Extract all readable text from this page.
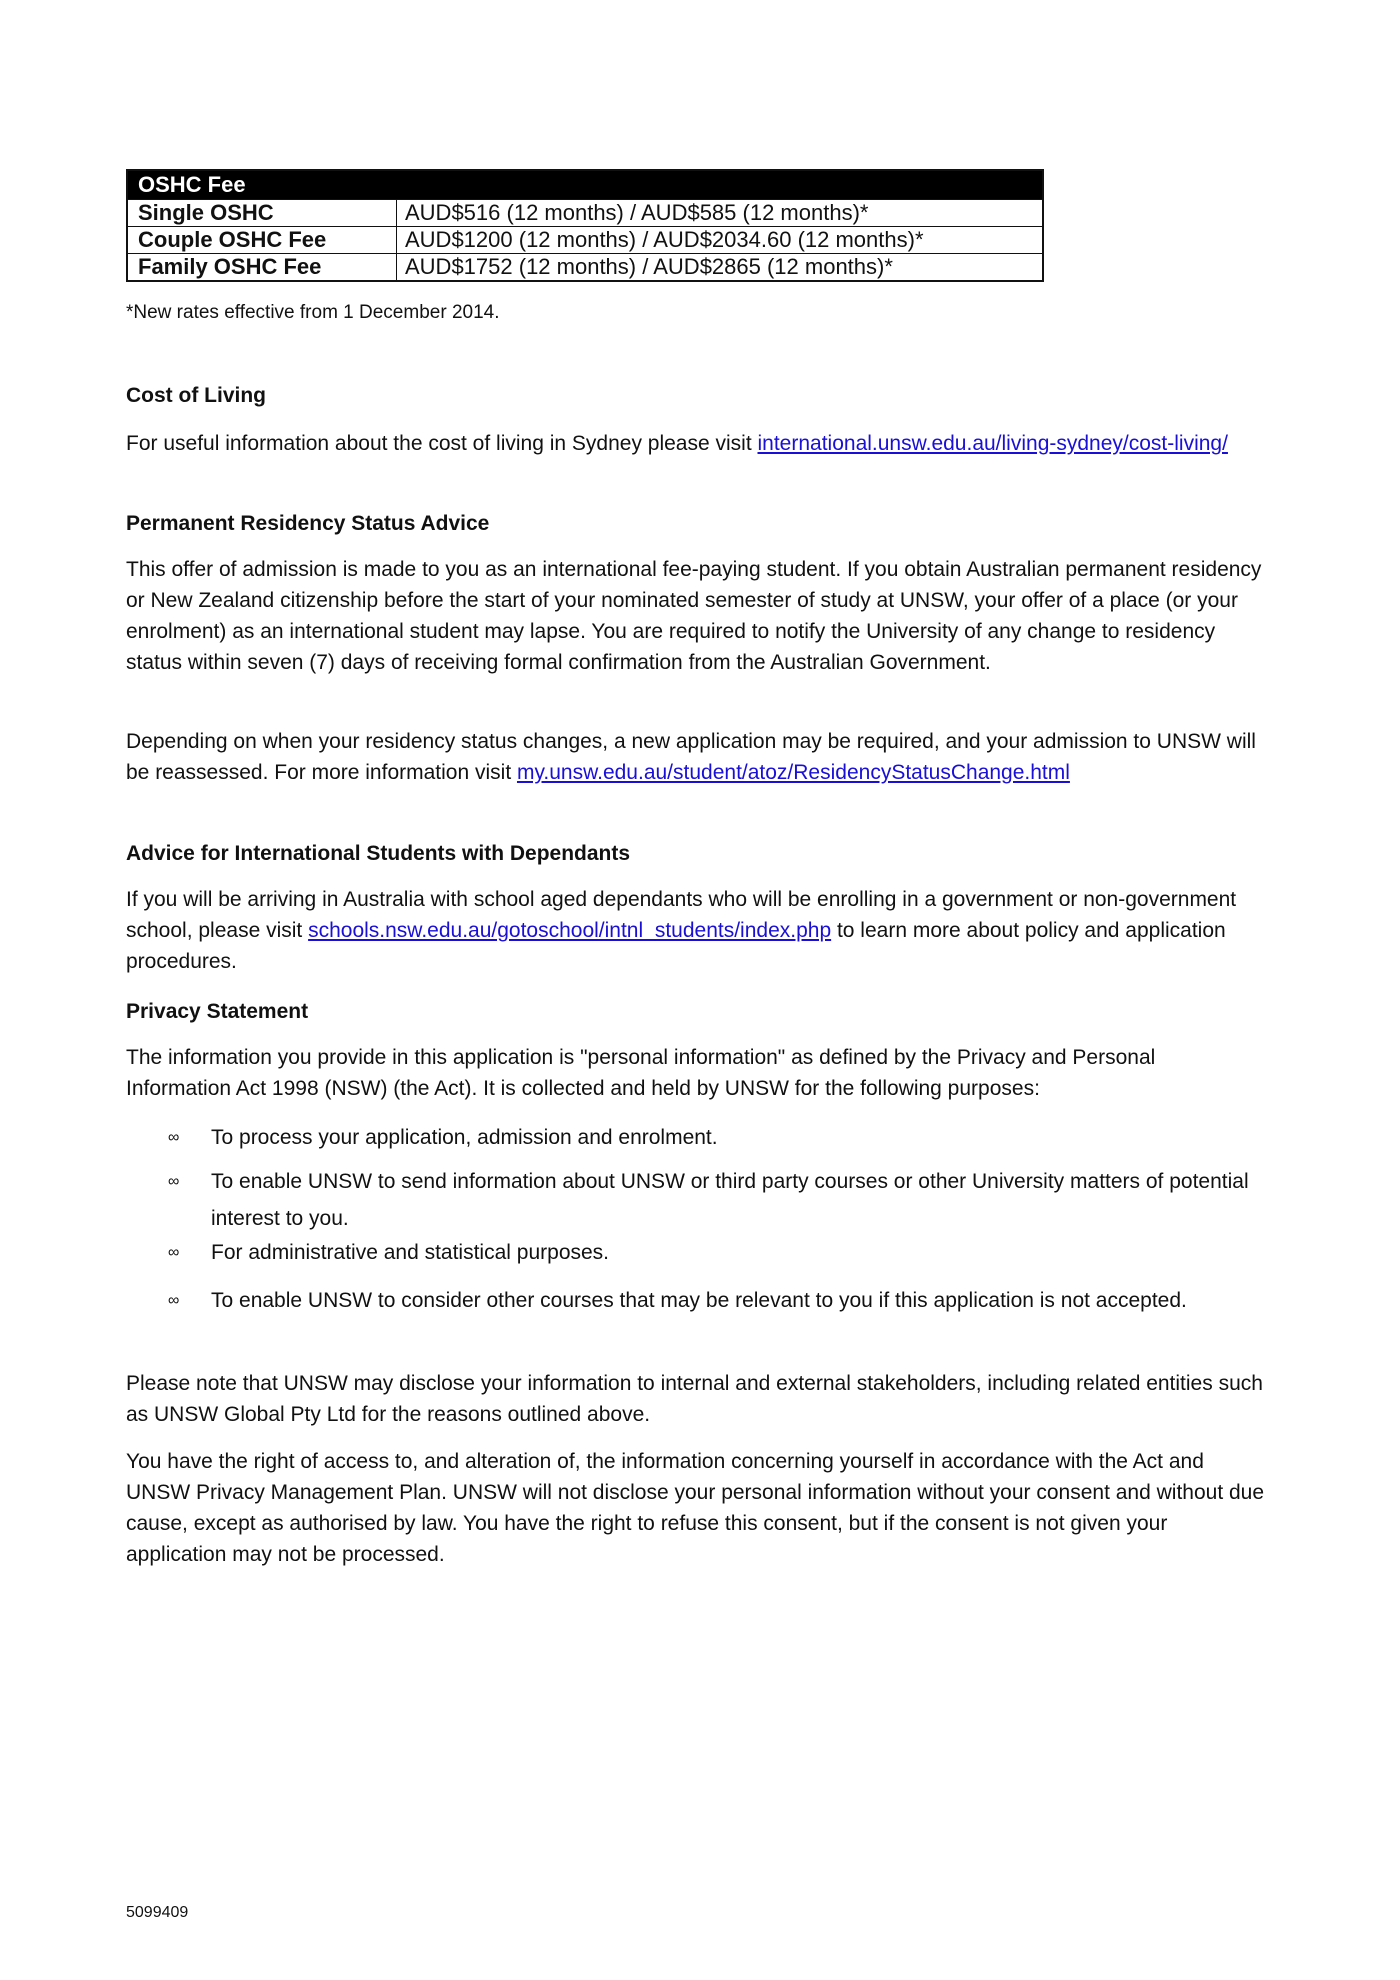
OSHC Fee	
Single OSHC	AUD$516 (12 months) / AUD$585 (12 months)*
Couple OSHC Fee	AUD$1200 (12 months) / AUD$2034.60 (12 months)*
Family OSHC Fee	AUD$1752 (12 months) / AUD$2865 (12 months)*
*New rates effective from 1 December 2014.
Cost of Living
For useful information about the cost of living in Sydney please visit international.unsw.edu.au/living-sydney/cost-living/
Permanent Residency Status Advice
This offer of admission is made to you as an international fee-paying student. If you obtain Australian permanent residency or New Zealand citizenship before the start of your nominated semester of study at UNSW, your offer of a place (or your enrolment) as an international student may lapse. You are required to notify the University of any change to residency status within seven (7) days of receiving formal confirmation from the Australian Government.
Depending on when your residency status changes, a new application may be required, and your admission to UNSW will be reassessed. For more information visit my.unsw.edu.au/student/atoz/ResidencyStatusChange.html
Advice for International Students with Dependants
If you will be arriving in Australia with school aged dependants who will be enrolling in a government or non-government school, please visit schools.nsw.edu.au/gotoschool/intnl_students/index.php to learn more about policy and application procedures.
Privacy Statement
The information you provide in this application is "personal information" as defined by the Privacy and Personal Information Act 1998 (NSW) (the Act). It is collected and held by UNSW for the following purposes:
∞ To process your application, admission and enrolment.
∞ To enable UNSW to send information about UNSW or third party courses or other University matters of potential interest to you.
∞ For administrative and statistical purposes.
∞ To enable UNSW to consider other courses that may be relevant to you if this application is not accepted.
Please note that UNSW may disclose your information to internal and external stakeholders, including related entities such as UNSW Global Pty Ltd for the reasons outlined above.
You have the right of access to, and alteration of, the information concerning yourself in accordance with the Act and UNSW Privacy Management Plan. UNSW will not disclose your personal information without your consent and without due cause, except as authorised by law. You have the right to refuse this consent, but if the consent is not given your application may not be processed.
5099409
